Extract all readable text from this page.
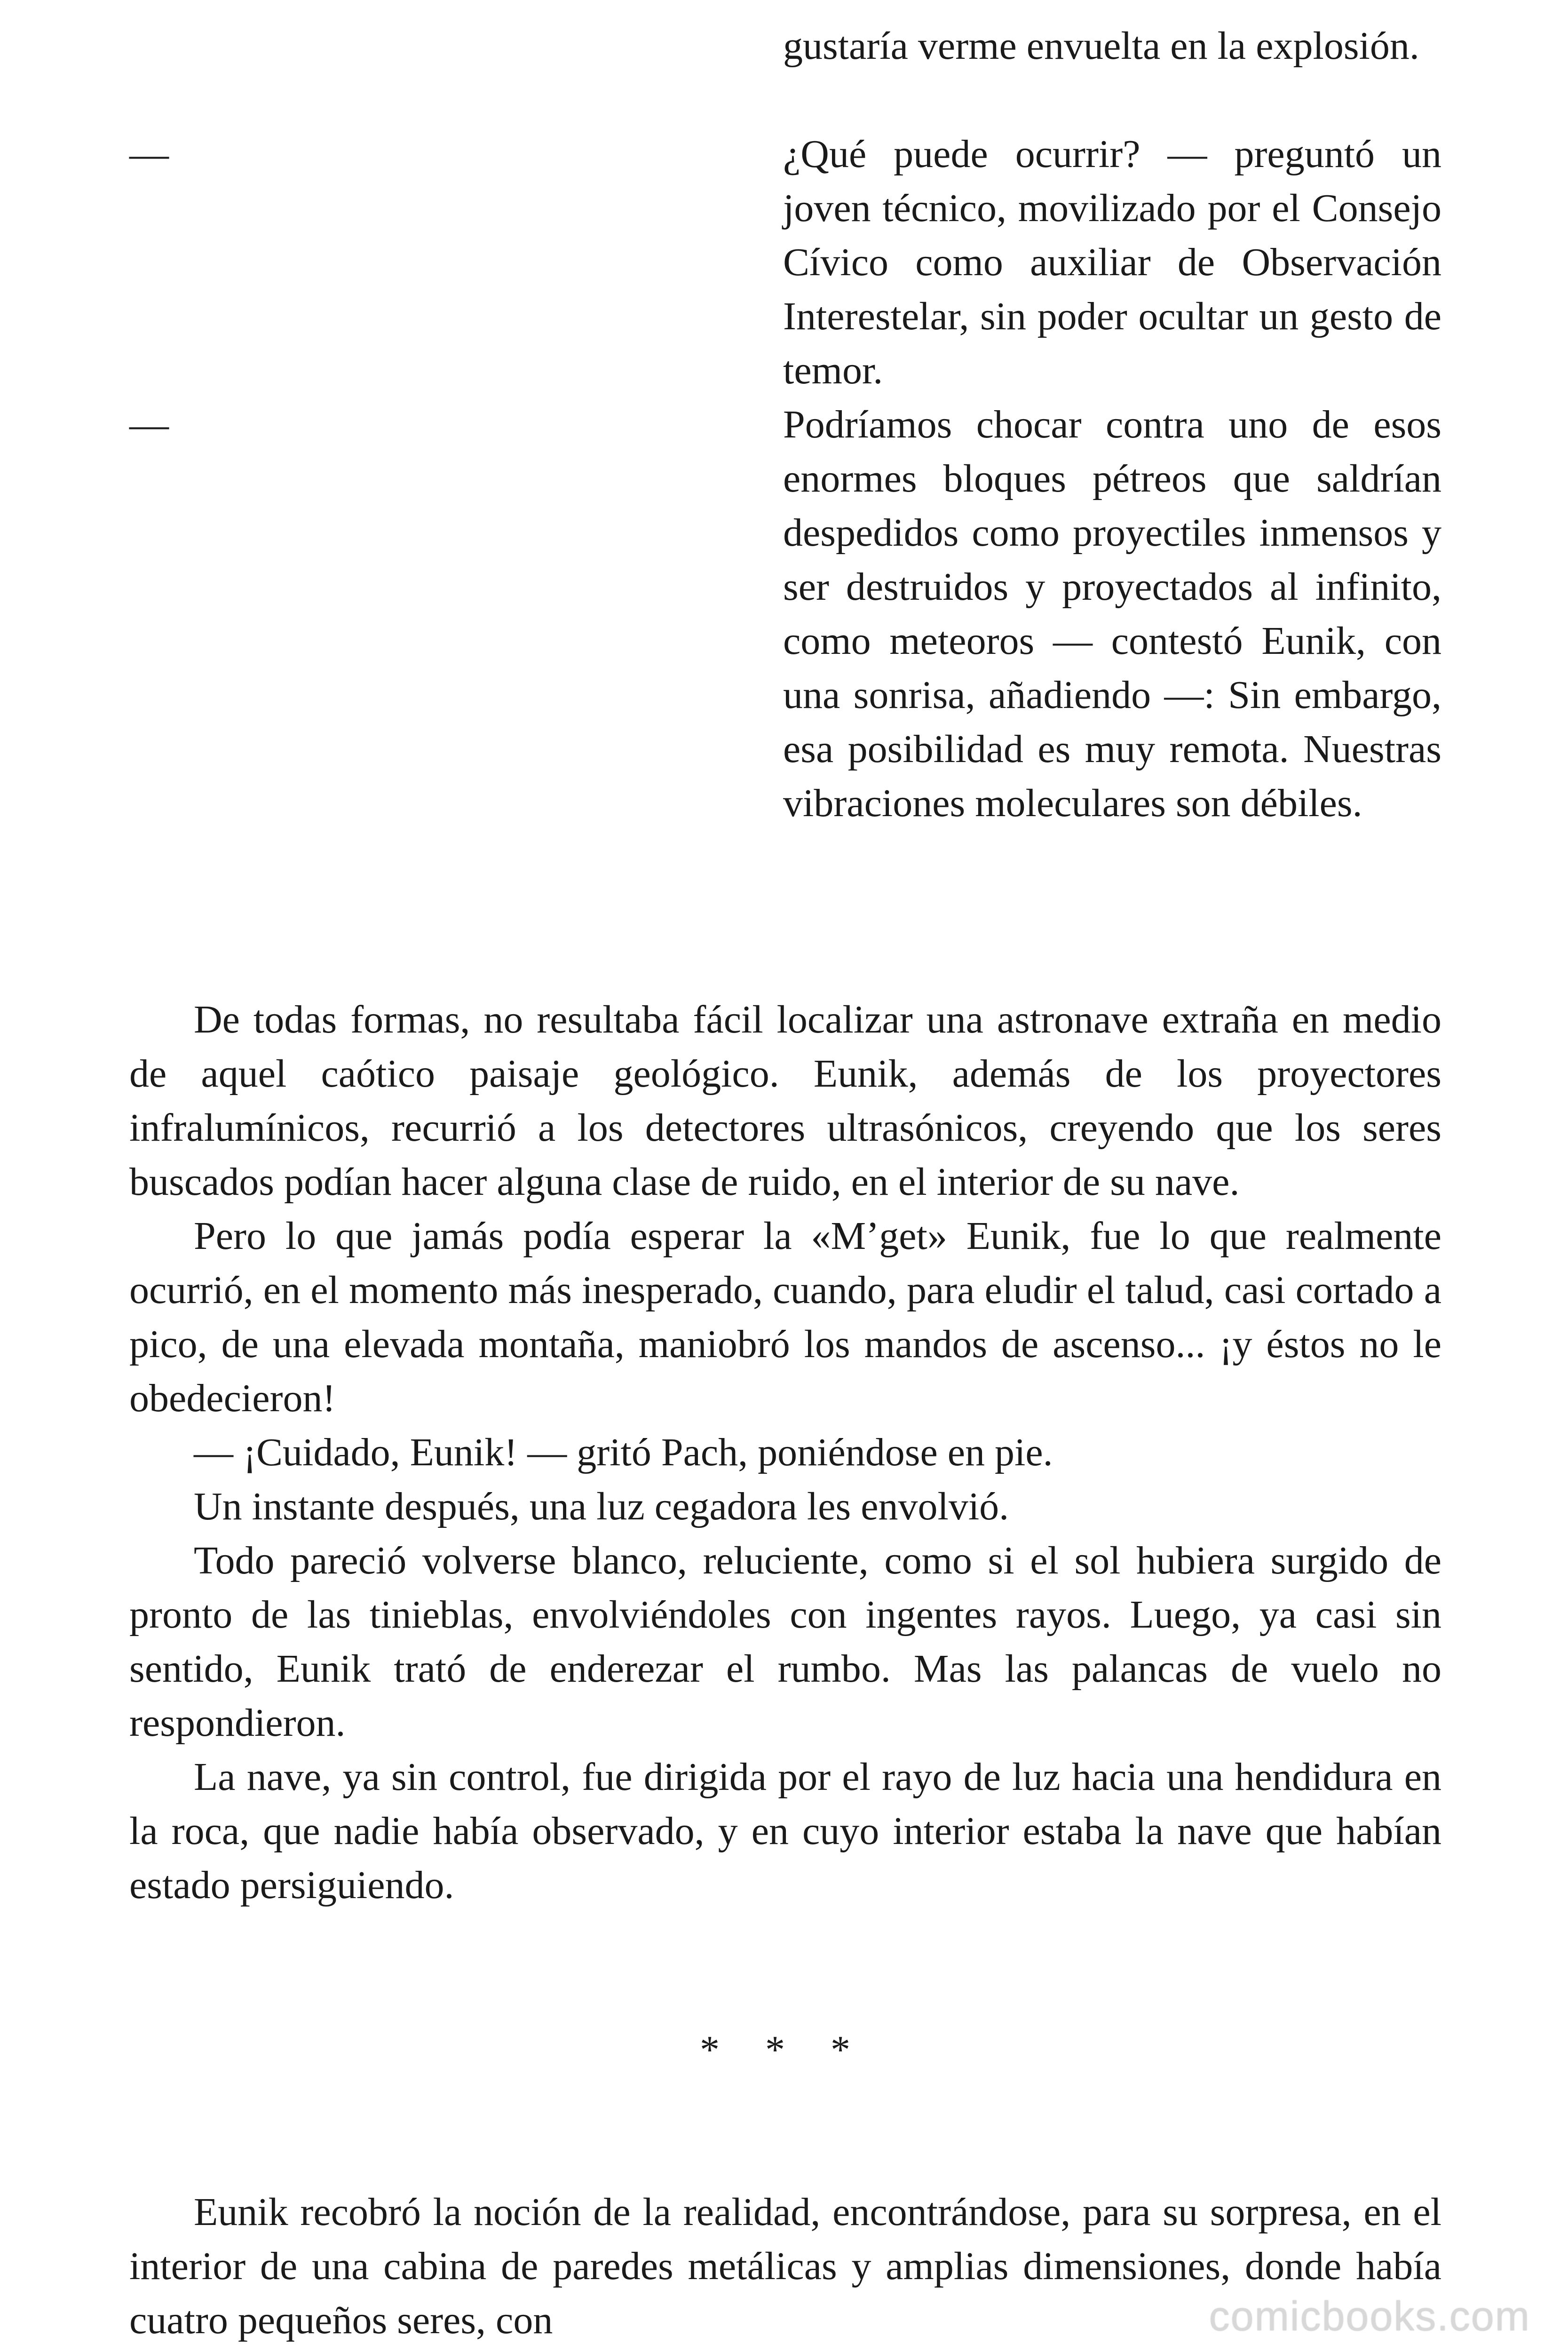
gustaría verme envuelta en la explosión.
—	¿Qué puede ocurrir? — preguntó un joven técnico, movilizado por el Consejo Cívico como auxiliar de Observación Interestelar, sin poder ocultar un gesto de temor.
—	Podríamos chocar contra uno de esos enormes bloques pétreos que saldrían despedidos como proyectiles inmensos y ser destruidos y proyectados al infinito, como meteoros — contestó Eunik, con una sonrisa, añadiendo —: Sin embargo, esa posibilidad es muy remota. Nuestras vibraciones moleculares son débiles.

De todas formas, no resultaba fácil localizar una astronave extraña en medio de aquel caótico paisaje geológico. Eunik, además de los proyectores infralumínicos, recurrió a los detectores ultrasónicos, creyendo que los seres buscados podían hacer alguna clase de ruido, en el interior de su nave.

Pero lo que jamás podía esperar la «M’get» Eunik, fue lo que realmente ocurrió, en el momento más inesperado, cuando, para eludir el talud, casi cortado a pico, de una elevada montaña, maniobró los mandos de ascenso... ¡y éstos no le obedecieron!

— ¡Cuidado, Eunik! — gritó Pach, poniéndose en pie.

Un instante después, una luz cegadora les envolvió.

Todo pareció volverse blanco, reluciente, como si el sol hubiera surgido de pronto de las tinieblas, envolviéndoles con ingentes rayos. Luego, ya casi sin sentido, Eunik trató de enderezar el rumbo. Mas las palancas de vuelo no respondieron.

La nave, ya sin control, fue dirigida por el rayo de luz hacia una hendidura en la roca, que nadie había observado, y en cuyo interior estaba la nave que habían estado persiguiendo.

* * *

Eunik recobró la noción de la realidad, encontrándose, para su sorpresa, en el interior de una cabina de paredes metálicas y amplias dimensiones, donde había cuatro pequeños seres, con	comicbooks.com
